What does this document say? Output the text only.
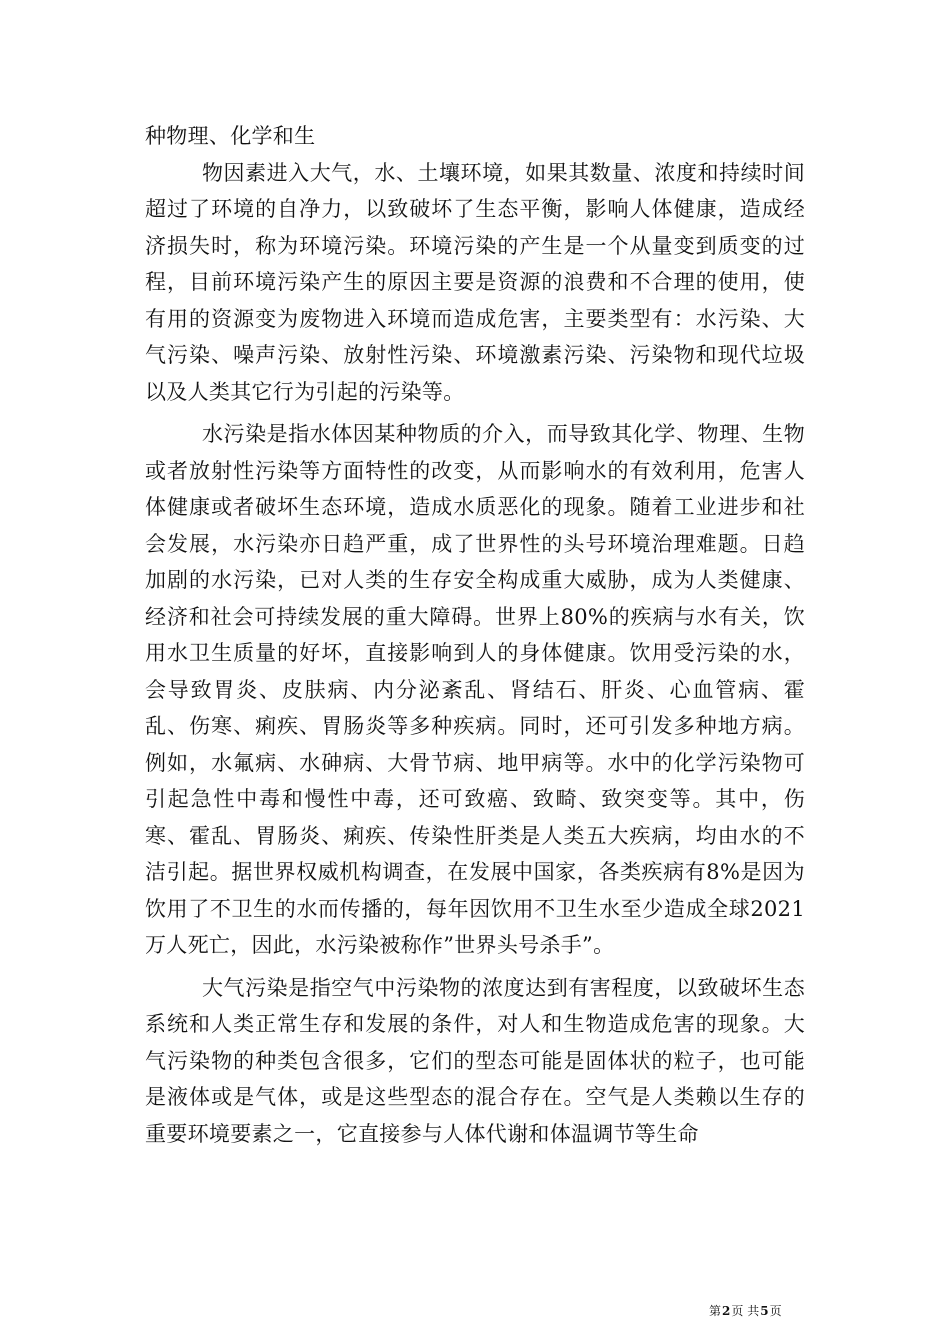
种物理、化学和生

物因素进入大气，水、土壤环境，如果其数量、浓度和持续时间超过了环境的自净力，以致破坏了生态平衡，影响人体健康，造成经济损失时，称为环境污染。环境污染的产生是一个从量变到质变的过程，目前环境污染产生的原因主要是资源的浪费和不合理的使用，使有用的资源变为废物进入环境而造成危害，主要类型有：水污染、大气污染、噪声污染、放射性污染、环境激素污染、污染物和现代垃圾以及人类其它行为引起的污染等。

水污染是指水体因某种物质的介入，而导致其化学、物理、生物或者放射性污染等方面特性的改变，从而影响水的有效利用，危害人体健康或者破坏生态环境，造成水质恶化的现象。随着工业进步和社会发展，水污染亦日趋严重，成了世界性的头号环境治理难题。日趋加剧的水污染，已对人类的生存安全构成重大威胁，成为人类健康、经济和社会可持续发展的重大障碍。世界上80%的疾病与水有关，饮用水卫生质量的好坏，直接影响到人的身体健康。饮用受污染的水，会导致胃炎、皮肤病、内分泌紊乱、肾结石、肝炎、心血管病、霍乱、伤寒、痢疾、胃肠炎等多种疾病。同时，还可引发多种地方病。例如，水氟病、水砷病、大骨节病、地甲病等。水中的化学污染物可引起急性中毒和慢性中毒，还可致癌、致畸、致突变等。其中，伤寒、霍乱、胃肠炎、痢疾、传染性肝类是人类五大疾病，均由水的不洁引起。据世界权威机构调查，在发展中国家，各类疾病有8%是因为饮用了不卫生的水而传播的，每年因饮用不卫生水至少造成全球2021万人死亡，因此，水污染被称作”世界头号杀手”。

大气污染是指空气中污染物的浓度达到有害程度，以致破坏生态系统和人类正常生存和发展的条件，对人和生物造成危害的现象。大气污染物的种类包含很多，它们的型态可能是固体状的粒子，也可能是液体或是气体，或是这些型态的混合存在。空气是人类赖以生存的重要环境要素之一，它直接参与人体代谢和体温调节等生命

第2页 共5页
